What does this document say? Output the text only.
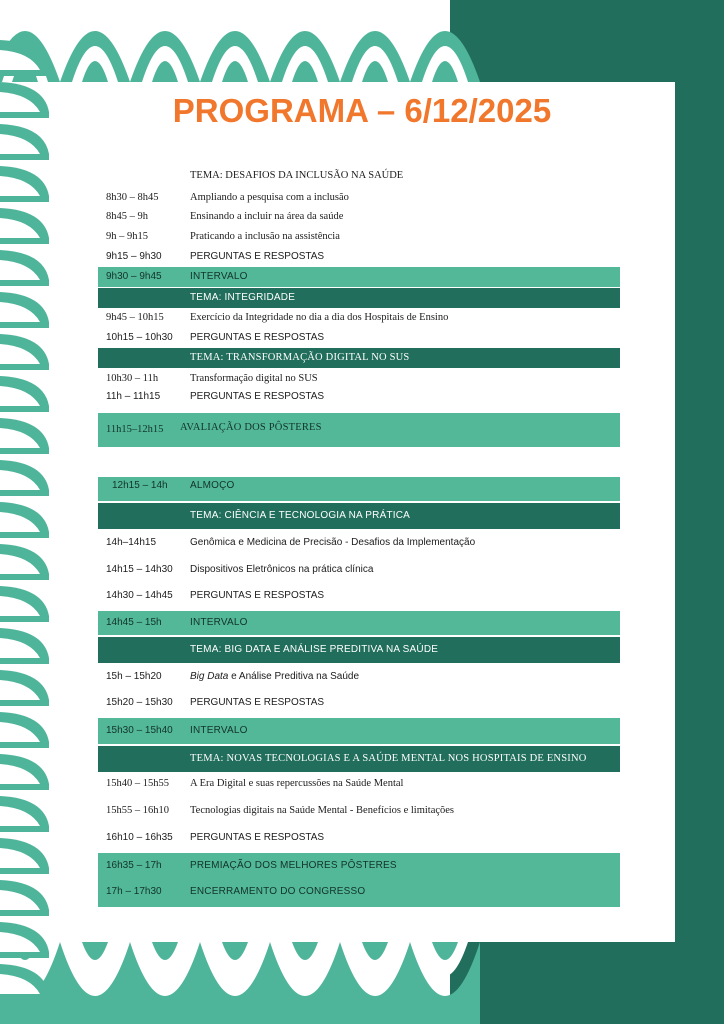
PROGRAMA – 6/12/2025
TEMA: DESAFIOS DA INCLUSÃO NA SAÚDE
8h30 – 8h45	Ampliando a pesquisa com a inclusão
8h45 – 9h	Ensinando a incluir na área da saúde
9h – 9h15	Praticando a inclusão na assistência
9h15 – 9h30	PERGUNTAS E RESPOSTAS
9h30 – 9h45	INTERVALO
TEMA: INTEGRIDADE
9h45 – 10h15	Exercício da Integridade no dia a dia dos Hospitais de Ensino
10h15 – 10h30 PERGUNTAS E RESPOSTAS
TEMA: TRANSFORMAÇÃO DIGITAL NO SUS
10h30 – 11h	Transformação digital no SUS
11h – 11h15	PERGUNTAS E RESPOSTAS
11h15–12h15 AVALIAÇÃO DOS PÔSTERES
12h15 – 14h ALMOÇO
TEMA: CIÊNCIA E TECNOLOGIA NA PRÁTICA
14h–14h15	Genômica e Medicina de Precisão - Desafios da Implementação
14h15 – 14h30 Dispositivos Eletrônicos na prática clínica
14h30 – 14h45 PERGUNTAS E RESPOSTAS
14h45 – 15h	INTERVALO
TEMA: BIG DATA E ANÁLISE PREDITIVA NA SAÚDE
15h – 15h20	Big Data e Análise Preditiva na Saúde
15h20 – 15h30 PERGUNTAS E RESPOSTAS
15h30 – 15h40 INTERVALO
TEMA: NOVAS TECNOLOGIAS E A SAÚDE MENTAL NOS HOSPITAIS DE ENSINO
15h40 – 15h55 A Era Digital e suas repercussões na Saúde Mental
15h55 – 16h10 Tecnologias digitais na Saúde Mental - Benefícios e limitações
16h10 – 16h35 PERGUNTAS E RESPOSTAS
16h35 – 17h	PREMIAÇÃO DOS MELHORES PÔSTERES
17h – 17h30	ENCERRAMENTO DO CONGRESSO
